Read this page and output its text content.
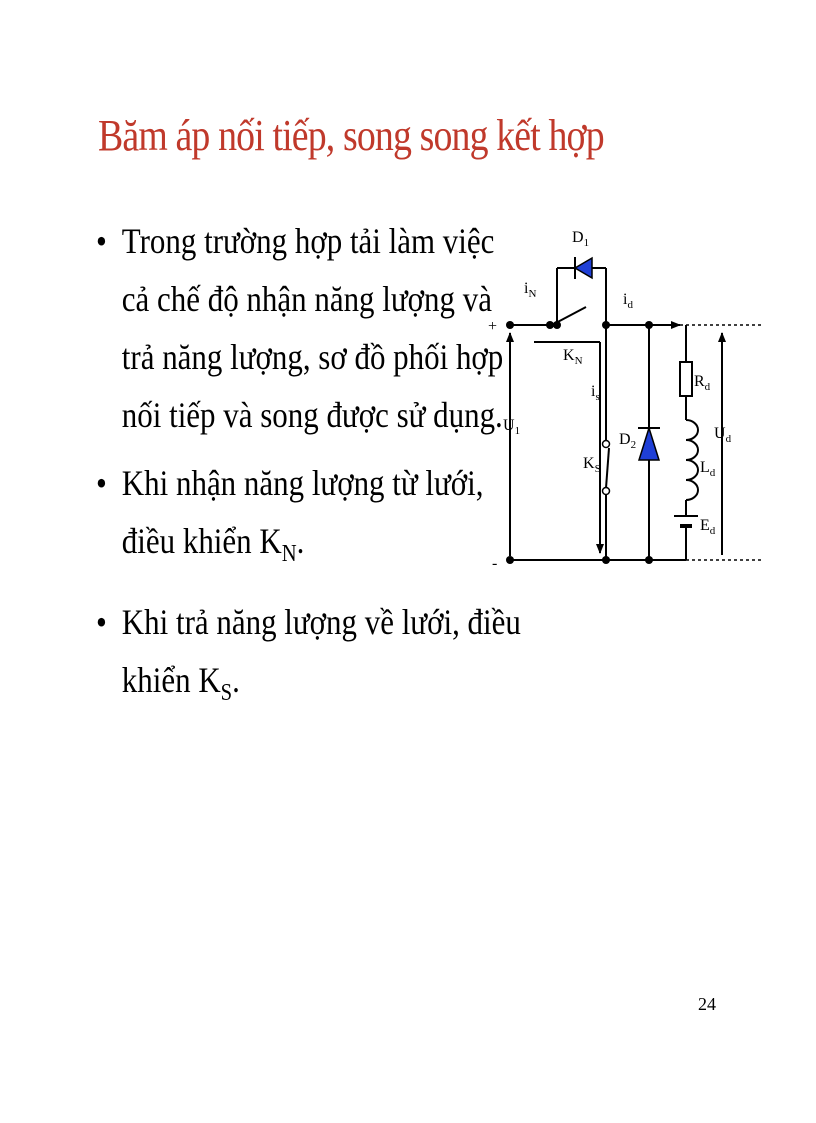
Băm áp nối tiếp, song song kết hợp
• Trong trường hợp tải làm việc
cả chế độ nhận năng lượng và
trả năng lượng, sơ đồ phối hợp
nối tiếp và song được sử dụng.
• Khi nhận năng lượng từ lưới,
điều khiển $K_N$.
• Khi trả năng lượng về lưới, điều
khiển $K_S$.
$D_1$
$i_N$	$i_d$
+
-
$K_N$
$R_d$
$i_s$
$U_1$	$D_2$
$U_d$
$K_S$	$L_d$
$E_d$
24
